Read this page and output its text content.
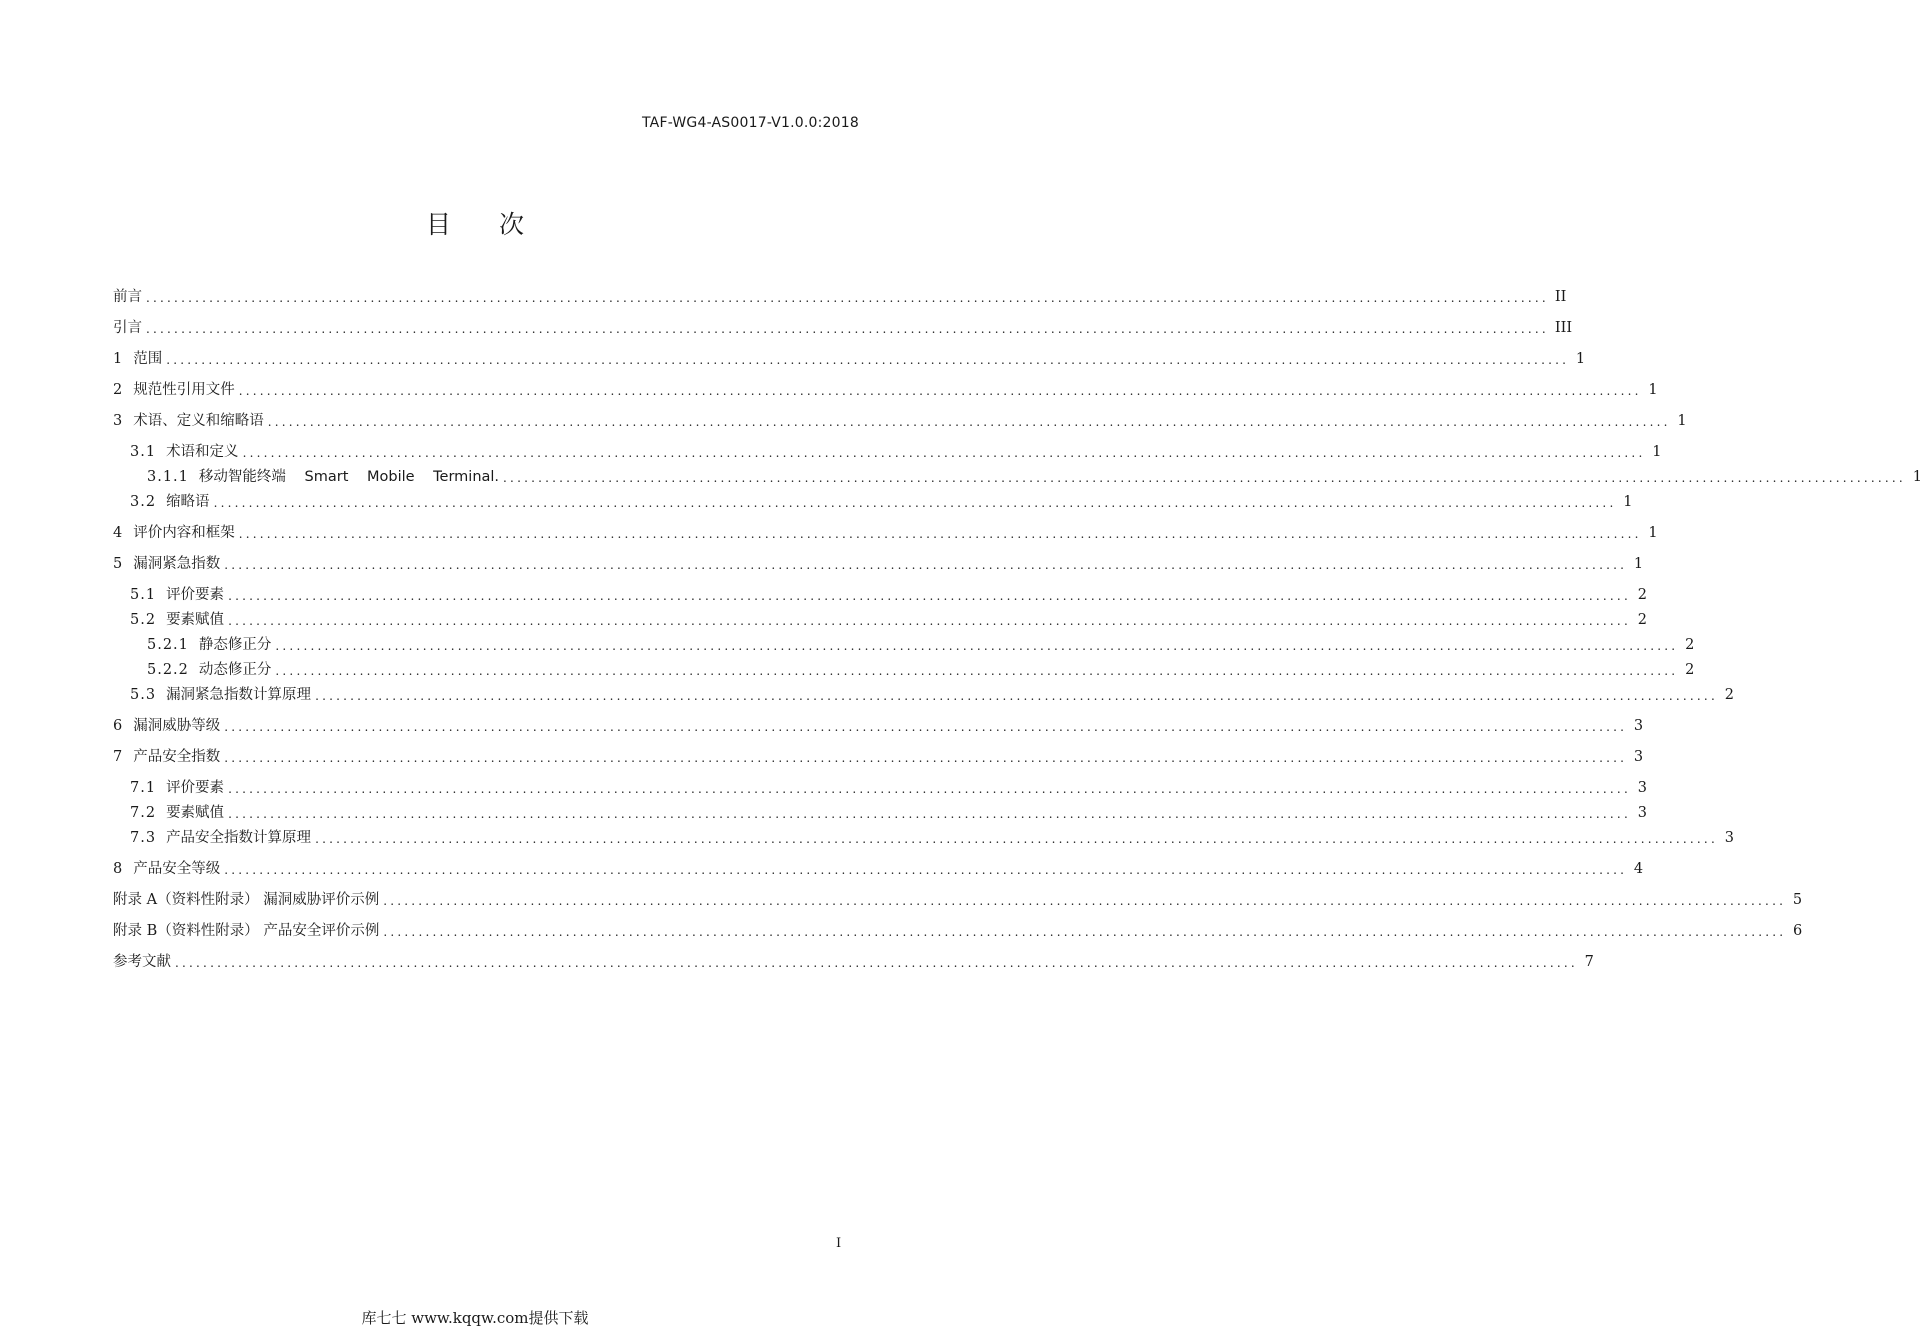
TAF-WG4-AS0017-V1.0.0:2018
目次
前言 ........................................................................................................................................................................................................ II
引言 ........................................................................................................................................................................................................ III
1 范围 ........................................................................................................................................................................................................ 1
2 规范性引用文件 ........................................................................................................................................................................................................ 1
3 术语、定义和缩略语 ........................................................................................................................................................................................................ 1
3.1 术语和定义 ........................................................................................................................................................................................................ 1
3.1.1 移动智能终端 Smart Mobile Terminal. ........................................................................................................................................................................................................ 1
3.2 缩略语 ........................................................................................................................................................................................................ 1
4 评价内容和框架 ........................................................................................................................................................................................................ 1
5 漏洞紧急指数 ........................................................................................................................................................................................................ 1
5.1 评价要素 ........................................................................................................................................................................................................ 2
5.2 要素赋值 ........................................................................................................................................................................................................ 2
5.2.1 静态修正分 ........................................................................................................................................................................................................ 2
5.2.2 动态修正分 ........................................................................................................................................................................................................ 2
5.3 漏洞紧急指数计算原理 ........................................................................................................................................................................................................ 2
6 漏洞威胁等级 ........................................................................................................................................................................................................ 3
7 产品安全指数 ........................................................................................................................................................................................................ 3
7.1 评价要素 ........................................................................................................................................................................................................ 3
7.2 要素赋值 ........................................................................................................................................................................................................ 3
7.3 产品安全指数计算原理 ........................................................................................................................................................................................................ 3
8 产品安全等级 ........................................................................................................................................................................................................ 4
附录 A（资料性附录） 漏洞威胁评价示例 ........................................................................................................................................................................................................ 5
附录 B（资料性附录） 产品安全评价示例 ........................................................................................................................................................................................................ 6
参考文献 ........................................................................................................................................................................................................ 7
I
库七七 www.kqqw.com提供下载
